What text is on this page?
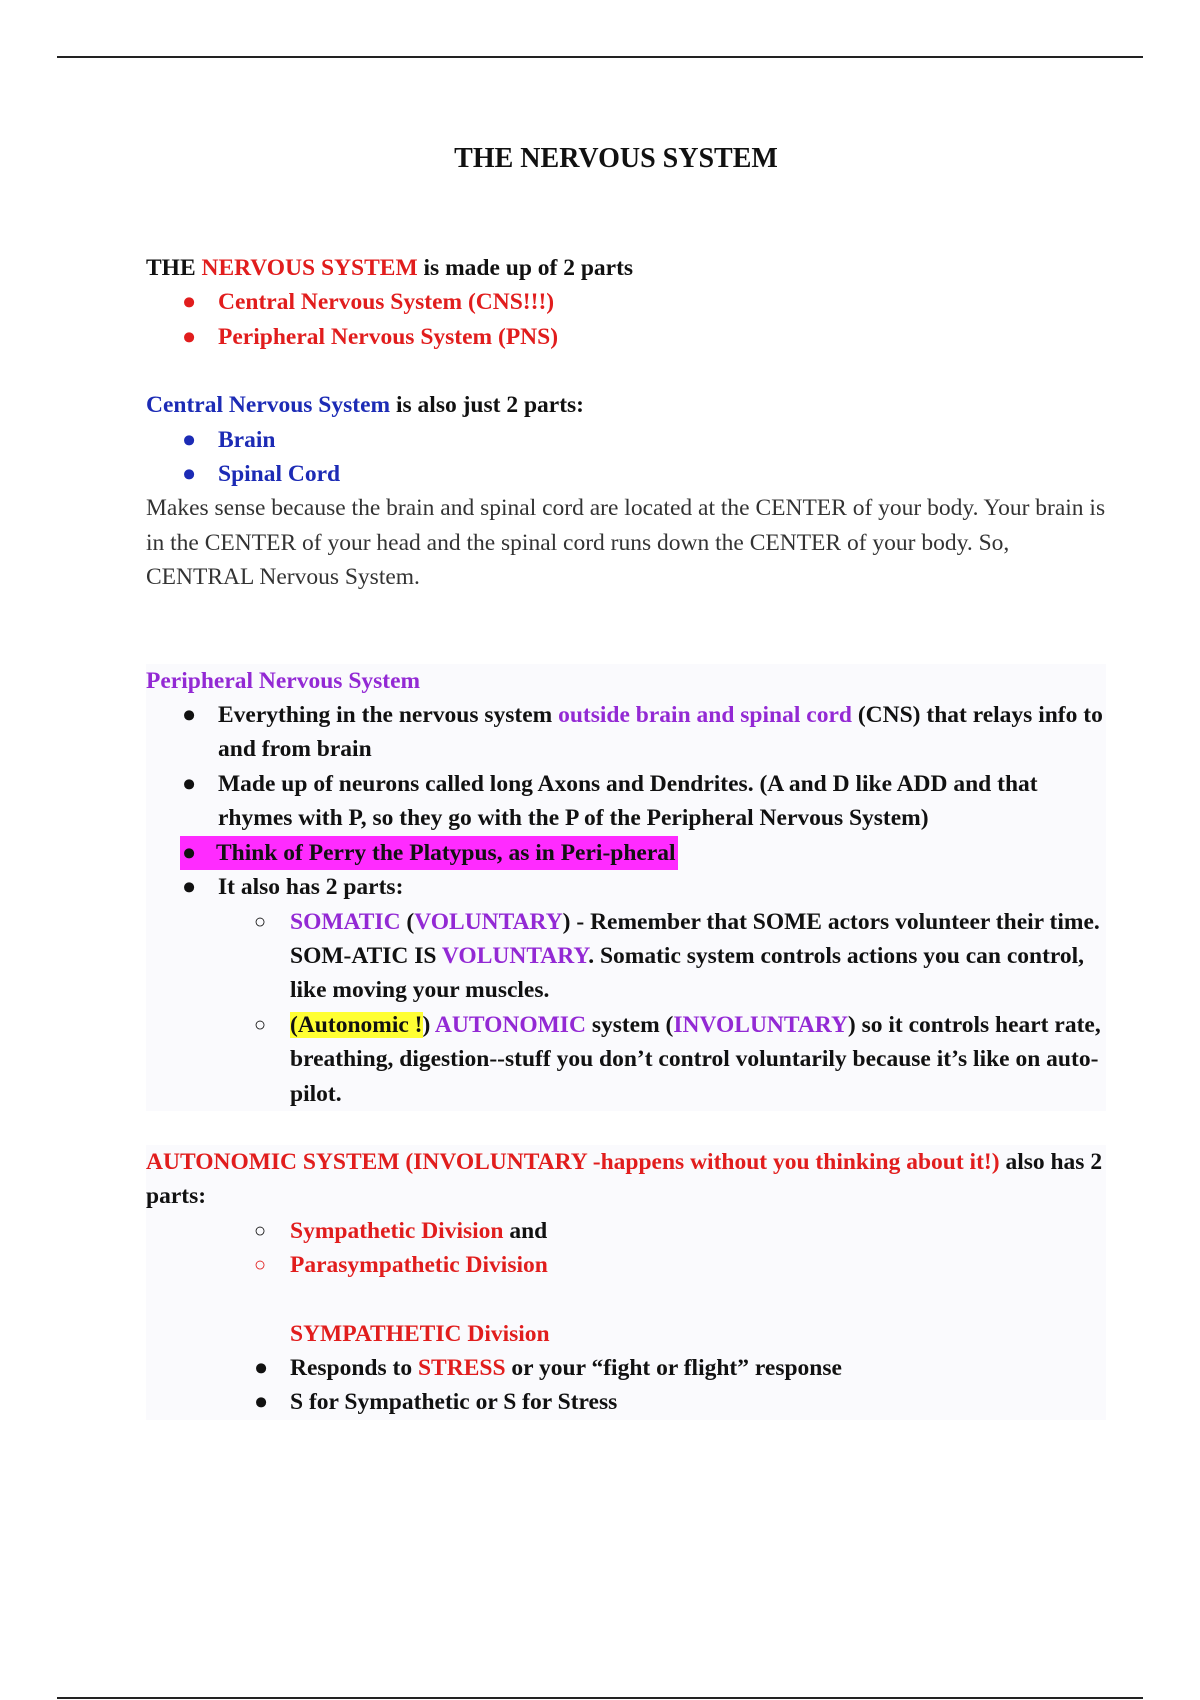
THE NERVOUS SYSTEM

THE NERVOUS SYSTEM is made up of 2 parts

● Central Nervous System (CNS!!!)
● Peripheral Nervous System (PNS)

Central Nervous System is also just 2 parts:

● Brain
● Spinal Cord

Makes sense because the brain and spinal cord are located at the CENTER of your body. Your brain is in the CENTER of your head and the spinal cord runs down the CENTER of your body. So, CENTRAL Nervous System.

Peripheral Nervous System

● Everything in the nervous system outside brain and spinal cord (CNS) that relays info to and from brain
● Made up of neurons called long Axons and Dendrites. (A and D like ADD and that rhymes with P, so they go with the P of the Peripheral Nervous System)
Think of Perry the Platypus, as in Peri-pheral
●
● It also has 2 parts:
○ SOMATIC (VOLUNTARY) - Remember that SOME actors volunteer their time. SOM-ATIC IS VOLUNTARY. Somatic system controls actions you can control, like moving your muscles.
○ (Autonomic !) AUTONOMIC system (INVOLUNTARY) so it controls heart rate, breathing, digestion--stuff you don’t control voluntarily because it’s like on auto-pilot.

AUTONOMIC SYSTEM (INVOLUNTARY -happens without you thinking about it!) also has 2 parts:

○ Sympathetic Division and
○ Parasympathetic Division

SYMPATHETIC Division

● Responds to STRESS or your “fight or flight” response
● S for Sympathetic or S for Stress
